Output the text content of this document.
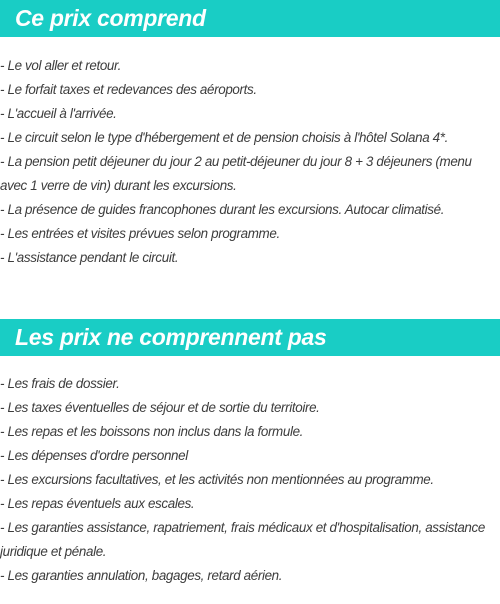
Ce prix comprend
- Le vol aller et retour.
- Le forfait taxes et redevances des aéroports.
- L'accueil à l'arrivée.
- Le circuit selon le type d'hébergement et de pension choisis à l'hôtel Solana 4*.
- La pension petit déjeuner du jour 2 au petit-déjeuner du jour 8 + 3 déjeuners (menu avec 1 verre de vin) durant les excursions.
- La présence de guides francophones durant les excursions. Autocar climatisé.
- Les entrées et visites prévues selon programme.
- L'assistance pendant le circuit.
Les prix ne comprennent pas
- Les frais de dossier.
- Les taxes éventuelles de séjour et de sortie du territoire.
- Les repas et les boissons non inclus dans la formule.
- Les dépenses d'ordre personnel
- Les excursions facultatives, et les activités non mentionnées au programme.
- Les repas éventuels aux escales.
- Les garanties assistance, rapatriement, frais médicaux et d'hospitalisation, assistance juridique et pénale.
- Les garanties annulation, bagages, retard aérien.
